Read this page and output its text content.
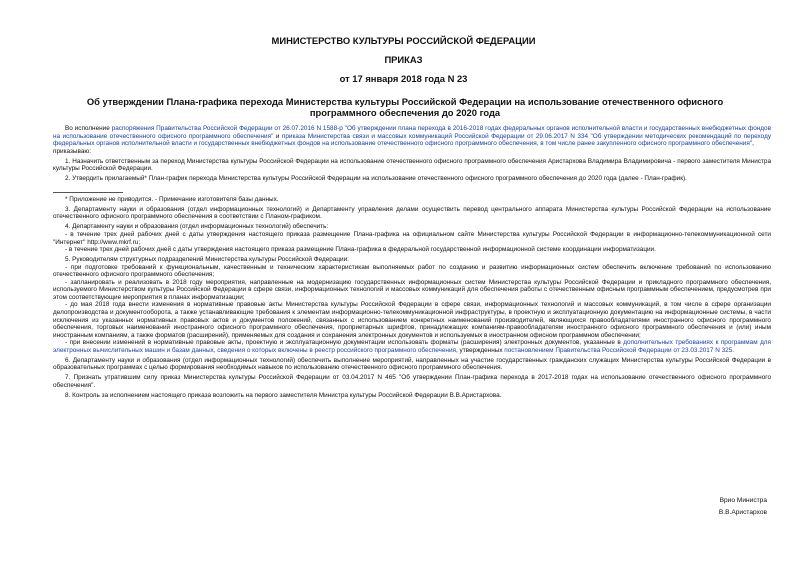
МИНИСТЕРСТВО КУЛЬТУРЫ РОССИЙСКОЙ ФЕДЕРАЦИИ

ПРИКАЗ

от 17 января 2018 года N 23

Об утверждении Плана-графика перехода Министерства культуры Российской Федерации на использование отечественного офисного программного обеспечения до 2020 года

Во исполнение распоряжения Правительства Российской Федерации от 26.07.2016 N 1588-р "Об утверждении плана перехода в 2016-2018 годах федеральных органов исполнительной власти и государственных внебюджетных фондов на использование отечественного офисного программного обеспечения" и приказа Министерства связи и массовых коммуникаций Российской Федерации от 29.06.2017 N 334 "Об утверждении методических рекомендаций по переходу федеральных органов исполнительной власти и государственных внебюджетных фондов на использование отечественного офисного программного обеспечения, в том числе ранее закупленного офисного программного обеспечения",

приказываю:

1. Назначить ответственным за переход Министерства культуры Российской Федерации на использование отечественного офисного программного обеспечения Аристархова Владимира Владимировича - первого заместителя Министра культуры Российской Федерации.

2. Утвердить прилагаемый* План-график перехода Министерства культуры Российской Федерации на использование отечественного офисного программного обеспечения до 2020 года (далее - План-график).

* Приложение не приводится. - Примечание изготовителя базы данных.

3. Департаменту науки и образования (отдел информационных технологий) и Департаменту управления делами осуществить перевод центрального аппарата Министерства культуры Российской Федерации на использование отечественного офисного программного обеспечения в соответствии с Планом-графиком.

4. Департаменту науки и образования (отдел информационных технологий) обеспечить:

- в течение трех дней рабочих дней с даты утверждения настоящего приказа размещение Плана-графика на официальном сайте Министерства культуры Российской Федерации в информационно-телекоммуникационной сети "Интернет" http://www.mkrf.ru;

- в течение трех дней рабочих дней с даты утверждения настоящего приказа размещение Плана-графика в федеральной государственной информационной системе координации информатизации.

5. Руководителям структурных подразделений Министерства культуры Российской Федерации:

- при подготовке требований к функциональным, качественным и техническим характеристикам выполняемых работ по созданию и развитию информационных систем обеспечить включение требований по использованию отечественного офисного программного обеспечения;

- запланировать и реализовать в 2018 году мероприятия, направленные на модернизацию государственных информационных систем Министерства культуры Российской Федерации и прикладного программного обеспечения, используемого Министерством культуры Российской Федерации в сфере связи, информационных технологий и массовых коммуникаций для обеспечения работы с отечественным офисным программным обеспечением, предусмотрев при этом соответствующие мероприятия в планах информатизации;

- до мая 2018 года внести изменения в нормативные правовые акты Министерства культуры Российской Федерации в сфере связи, информационных технологий и массовых коммуникаций, в том числе в сфере организации делопроизводства и документооборота, а также устанавливающие требования к элементам информационно-телекоммуникационной инфраструктуры, в проектную и эксплуатационную документацию на информационные системы, в части исключения из указанных нормативных правовых актов и документов положений, связанных с использованием конкретных наименований производителей, являющихся правообладателями иностранного офисного программного обеспечения, торговых наименований иностранного офисного программного обеспечения, проприетарных шрифтов, принадлежащих компаниям-правообладателям иностранного офисного программного обеспечения и (или) иным иностранным компаниям, а также форматов (расширений), применяемых для создания и сохранения электронных документов и используемых в иностранном офисном программном обеспечении;

- при внесении изменений в нормативные правовые акты, проектную и эксплуатационную документации использовать форматы (расширения) электронных документов, указанные в дополнительных требованиях к программам для электронных вычислительных машин и базам данных, сведения о которых включены в реестр российского программного обеспечения, утвержденных постановлением Правительства Российской Федерации от 23.03.2017 N 325.

6. Департаменту науки и образования (отдел информационных технологий) обеспечить выполнение мероприятий, направленных на участие государственных гражданских служащих Министерства культуры Российской Федерации в образовательных программах с целью формирования необходимых навыков по использованию отечественного офисного программного обеспечения.

7. Признать утратившим силу приказ Министерства культуры Российской Федерации от 03.04.2017 N 465 "Об утверждении План-графика перехода в 2017-2018 годах на использование отечественного офисного программного обеспечения".

8. Контроль за исполнением настоящего приказа возложить на первого заместителя Министра культуры Российской Федерации В.В.Аристархова.

Врио Министра
В.В.Аристархов
